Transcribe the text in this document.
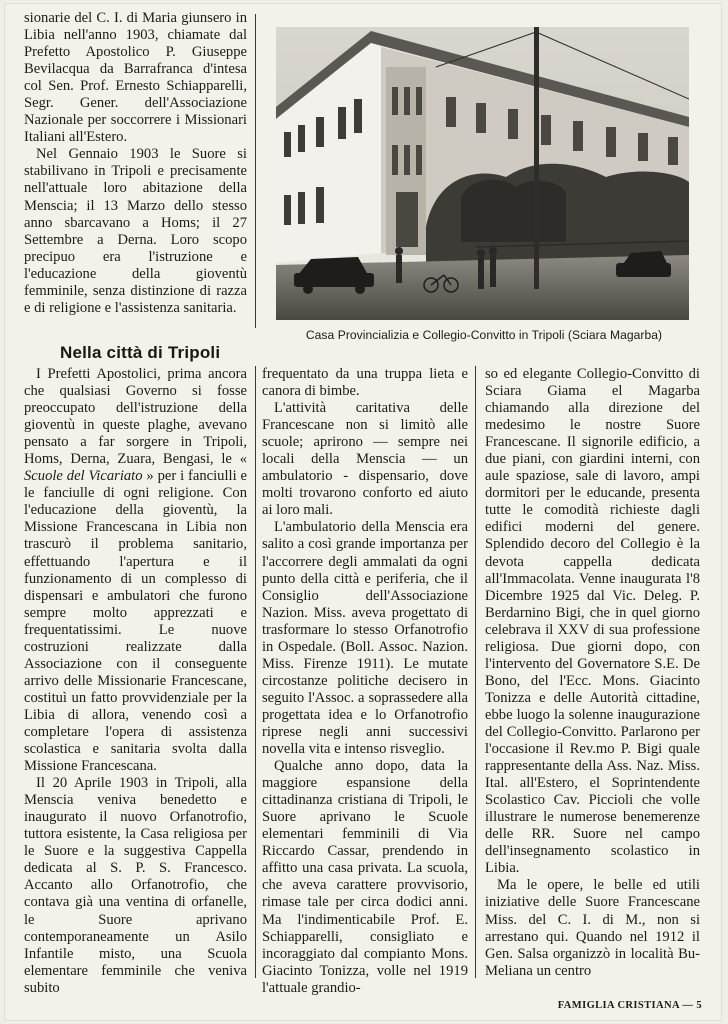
sionarie del C. I. di Maria giunsero in Libia nell'anno 1903, chiamate dal Prefetto Apostolico P. Giuseppe Bevilacqua da Barrafranca d'intesa col Sen. Prof. Ernesto Schiapparelli, Segr. Gener. dell'Associazione Nazionale per soccorrere i Missionari Italiani all'Estero.

Nel Gennaio 1903 le Suore si stabilivano in Tripoli e precisamente nell'attuale loro abitazione della Menscia; il 13 Marzo dello stesso anno sbarcavano a Homs; il 27 Settembre a Derna. Loro scopo precipuo era l'istruzione e l'educazione della gioventù femminile, senza distinzione di razza e di religione e l'assistenza sanitaria.

Casa Provincializia e Collegio-Convitto in Tripoli (Sciara Magarba)
Nella città di Tripoli

I Prefetti Apostolici, prima ancora che qualsiasi Governo si fosse preoccupato dell'istruzione della gioventù in queste plaghe, avevano pensato a far sorgere in Tripoli, Homs, Derna, Zuara, Bengasi, le « Scuole del Vicariato » per i fanciulli e le fanciulle di ogni religione. Con l'educazione della gioventù, la Missione Francescana in Libia non trascurò il problema sanitario, effettuando l'apertura e il funzionamento di un complesso di dispensari e ambulatori che furono sempre molto apprezzati e frequentatissimi. Le nuove costruzioni realizzate dalla Associazione con il conseguente arrivo delle Missionarie Francescane, costituì un fatto provvidenziale per la Libia di allora, venendo così a completare l'opera di assistenza scolastica e sanitaria svolta dalla Missione Francescana.

Il 20 Aprile 1903 in Tripoli, alla Menscia veniva benedetto e inaugurato il nuovo Orfanotrofio, tuttora esistente, la Casa religiosa per le Suore e la suggestiva Cappella dedicata al S. P. S. Francesco. Accanto allo Orfanotrofio, che contava già una ventina di orfanelle, le Suore aprivano contemporaneamente un Asilo Infantile misto, una Scuola elementare femminile che veniva subito

frequentato da una truppa lieta e canora di bimbe.

L'attività caritativa delle Francescane non si limitò alle scuole; aprirono — sempre nei locali della Menscia — un ambulatorio - dispensario, dove molti trovarono conforto ed aiuto ai loro mali.

L'ambulatorio della Menscia era salito a così grande importanza per l'accorrere degli ammalati da ogni punto della città e periferia, che il Consiglio dell'Associazione Nazion. Miss. aveva progettato di trasformare lo stesso Orfanotrofio in Ospedale. (Boll. Assoc. Nazion. Miss. Firenze 1911). Le mutate circostanze politiche decisero in seguito l'Assoc. a soprassedere alla progettata idea e lo Orfanotrofio riprese negli anni successivi novella vita e intenso risveglio.

Qualche anno dopo, data la maggiore espansione della cittadinanza cristiana di Tripoli, le Suore aprivano le Scuole elementari femminili di Via Riccardo Cassar, prendendo in affitto una casa privata. La scuola, che aveva carattere provvisorio, rimase tale per circa dodici anni. Ma l'indimenticabile Prof. E. Schiapparelli, consigliato e incoraggiato dal compianto Mons. Giacinto Tonizza, volle nel 1919 l'attuale grandio-

so ed elegante Collegio-Convitto di Sciara Giama el Magarba chiamando alla direzione del medesimo le nostre Suore Francescane. Il signorile edificio, a due piani, con giardini interni, con aule spaziose, sale di lavoro, ampi dormitori per le educande, presenta tutte le comodità richieste dagli edifici moderni del genere. Splendido decoro del Collegio è la devota cappella dedicata all'Immacolata. Venne inaugurata l'8 Dicembre 1925 dal Vic. Deleg. P. Berdarnino Bigi, che in quel giorno celebrava il XXV di sua professione religiosa. Due giorni dopo, con l'intervento del Governatore S.E. De Bono, del l'Ecc. Mons. Giacinto Tonizza e delle Autorità cittadine, ebbe luogo la solenne inaugurazione del Collegio-Convitto. Parlarono per l'occasione il Rev.mo P. Bigi quale rappresentante della Ass. Naz. Miss. Ital. all'Estero, el Soprintendente Scolastico Cav. Piccioli che volle illustrare le numerose benemerenze delle RR. Suore nel campo dell'insegnamento scolastico in Libia.

Ma le opere, le belle ed utili iniziative delle Suore Francescane Miss. del C. I. di M., non si arrestano qui. Quando nel 1912 il Gen. Salsa organizzò in località Bu-Meliana un centro

FAMIGLIA CRISTIANA — 5
